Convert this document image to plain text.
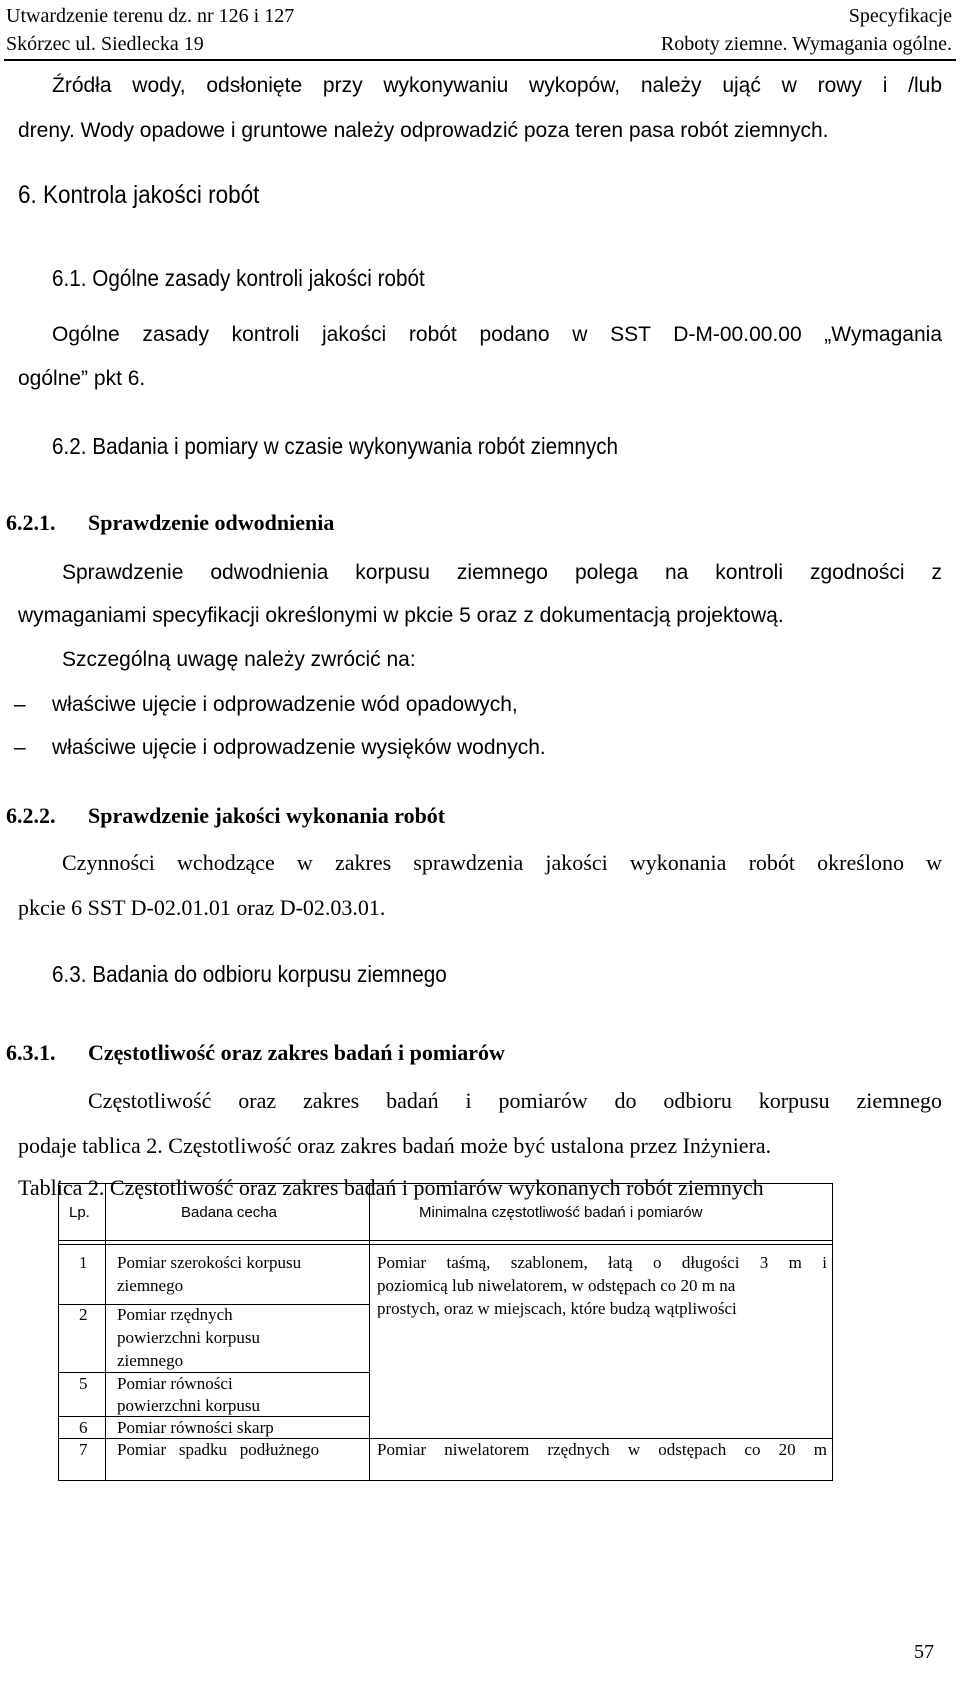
Utwardzenie terenu dz. nr 126 i 127
Skórzec ul. Siedlecka 19
Specyfikacje
Roboty ziemne. Wymagania ogólne.
Źródła wody, odsłonięte przy wykonywaniu wykopów, należy ująć w rowy i /lub
dreny. Wody opadowe i gruntowe należy odprowadzić poza teren pasa robót ziemnych.
6. Kontrola jakości robót
6.1. Ogólne zasady kontroli jakości robót
Ogólne zasady kontroli jakości robót podano w SST D-M-00.00.00 „Wymagania
ogólne” pkt 6.
6.2. Badania i pomiary w czasie wykonywania robót ziemnych
6.2.1. Sprawdzenie odwodnienia
Sprawdzenie odwodnienia korpusu ziemnego polega na kontroli zgodności z
wymaganiami specyfikacji określonymi w pkcie 5 oraz z dokumentacją projektową.
Szczególną uwagę należy zwrócić na:
– właściwe ujęcie i odprowadzenie wód opadowych,
– właściwe ujęcie i odprowadzenie wysięków wodnych.
6.2.2. Sprawdzenie jakości wykonania robót
Czynności wchodzące w zakres sprawdzenia jakości wykonania robót określono w
pkcie 6 SST D-02.01.01 oraz D-02.03.01.
6.3. Badania do odbioru korpusu ziemnego
6.3.1. Częstotliwość oraz zakres badań i pomiarów
Częstotliwość oraz zakres badań i pomiarów do odbioru korpusu ziemnego
podaje tablica 2. Częstotliwość oraz zakres badań może być ustalona przez Inżyniera.
Tablica 2. Częstotliwość oraz zakres badań i pomiarów wykonanych robót ziemnych
Lp.	Badana cecha	Minimalna częstotliwość badań i pomiarów
1 Pomiar szerokości korpusu
ziemnego
2 Pomiar rzędnych
powierzchni korpusu
ziemnego
5 Pomiar równości
powierzchni korpusu
6 Pomiar równości skarp
7 Pomiar   spadku   podłużnego
Pomiar taśmą, szablonem, łatą o długości 3 m i
poziomicą lub niwelatorem, w odstępach co 20 m na
prostych, oraz w miejscach, które budzą wątpliwości
Pomiar niwelatorem rzędnych w odstępach co 20 m
57
